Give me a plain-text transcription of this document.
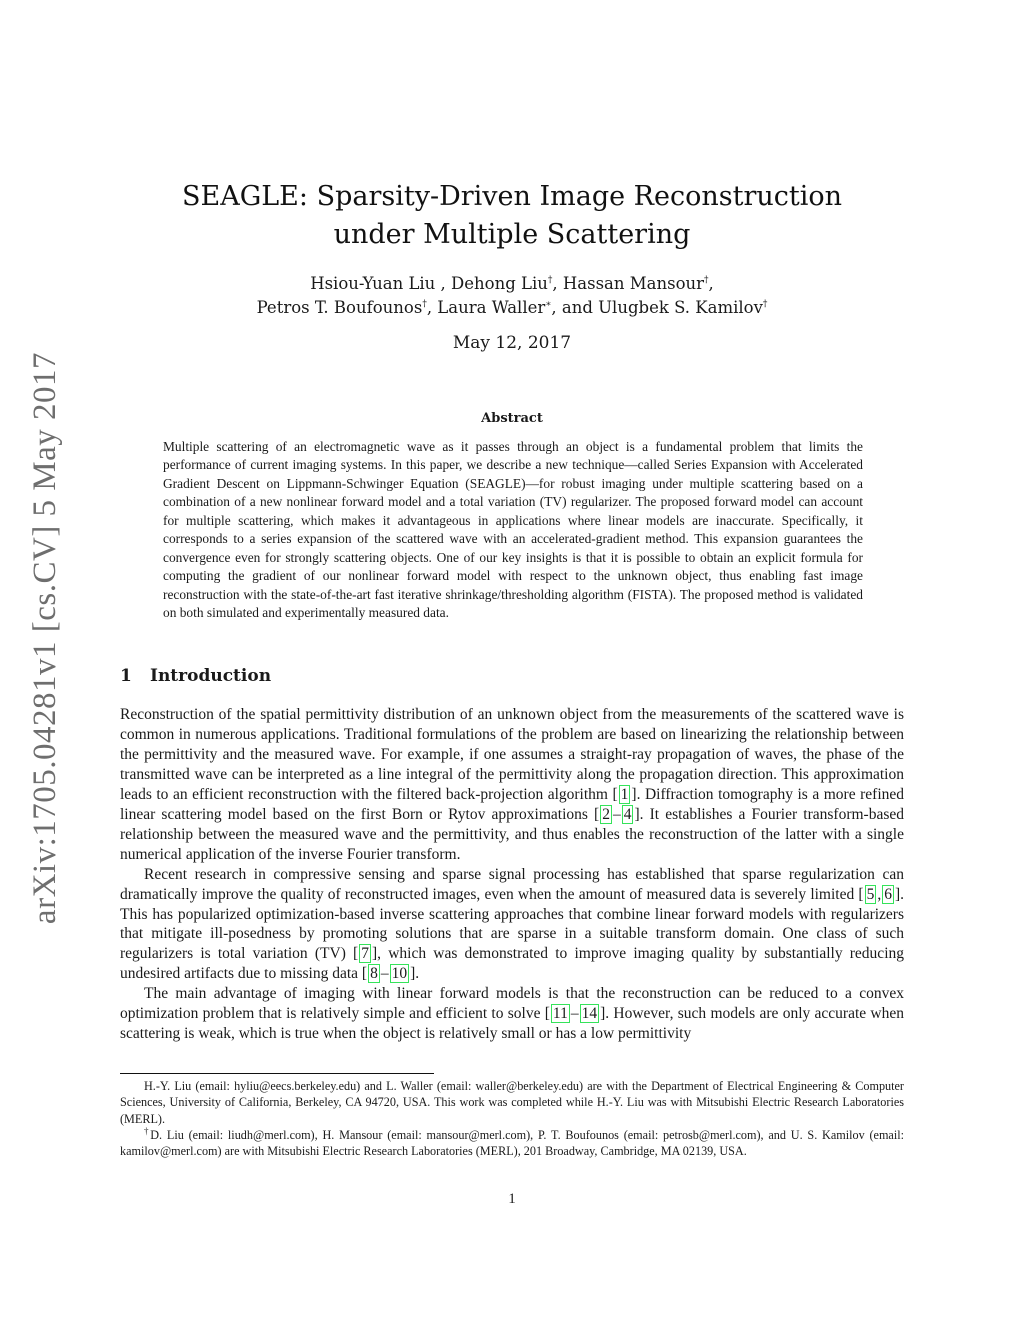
arXiv:1705.04281v1 [cs.CV] 5 May 2017
SEAGLE: Sparsity-Driven Image Reconstruction
under Multiple Scattering
Hsiou-Yuan Liu , Dehong Liu†, Hassan Mansour†,
Petros T. Boufounos†, Laura Waller∗, and Ulugbek S. Kamilov†
May 12, 2017
Abstract
Multiple scattering of an electromagnetic wave as it passes through an object is a fundamental problem that limits the performance of current imaging systems. In this paper, we describe a new technique—called Series Expansion with Accelerated Gradient Descent on Lippmann-Schwinger Equation (SEAGLE)—for robust imaging under multiple scattering based on a combination of a new nonlinear forward model and a total variation (TV) regularizer. The proposed forward model can account for multiple scattering, which makes it advantageous in applications where linear models are inaccurate. Specifically, it corresponds to a series expansion of the scattered wave with an accelerated-gradient method. This expansion guarantees the convergence even for strongly scattering objects. One of our key insights is that it is possible to obtain an explicit formula for computing the gradient of our nonlinear forward model with respect to the unknown object, thus enabling fast image reconstruction with the state-of-the-art fast iterative shrinkage/thresholding algorithm (FISTA). The proposed method is validated on both simulated and experimentally measured data.
1 Introduction

Reconstruction of the spatial permittivity distribution of an unknown object from the measurements of the scattered wave is common in numerous applications. Traditional formulations of the problem are based on linearizing the relationship between the permittivity and the measured wave. For example, if one assumes a straight-ray propagation of waves, the phase of the transmitted wave can be interpreted as a line integral of the permittivity along the propagation direction. This approximation leads to an efficient reconstruction with the filtered back-projection algorithm [ 1 ]. Diffraction tomography is a more refined linear scattering model based on the first Born or Rytov approximations [ 2 – 4 ]. It establishes a Fourier transform-based relationship between the measured wave and the permittivity, and thus enables the reconstruction of the latter with a single numerical application of the inverse Fourier transform.

Recent research in compressive sensing and sparse signal processing has established that sparse regularization can dramatically improve the quality of reconstructed images, even when the amount of measured data is severely limited [ 5 , 6 ]. This has popularized optimization-based inverse scattering approaches that combine linear forward models with regularizers that mitigate ill-posedness by promoting solutions that are sparse in a suitable transform domain. One class of such regularizers is total variation (TV) [ 7 ], which was demonstrated to improve imaging quality by substantially reducing undesired artifacts due to missing data [ 8 – 10 ].

The main advantage of imaging with linear forward models is that the reconstruction can be reduced to a convex optimization problem that is relatively simple and efficient to solve [ 11 – 14 ]. However, such models are only accurate when scattering is weak, which is true when the object is relatively small or has a low permittivity

H.-Y. Liu (email: hyliu@eecs.berkeley.edu) and L. Waller (email: waller@berkeley.edu) are with the Department of Electrical Engineering & Computer Sciences, University of California, Berkeley, CA 94720, USA. This work was completed while H.-Y. Liu was with Mitsubishi Electric Research Laboratories (MERL).
†D. Liu (email: liudh@merl.com), H. Mansour (email: mansour@merl.com), P. T. Boufounos (email: petrosb@merl.com), and U. S. Kamilov (email: kamilov@merl.com) are with Mitsubishi Electric Research Laboratories (MERL), 201 Broadway, Cambridge, MA 02139, USA.
1
